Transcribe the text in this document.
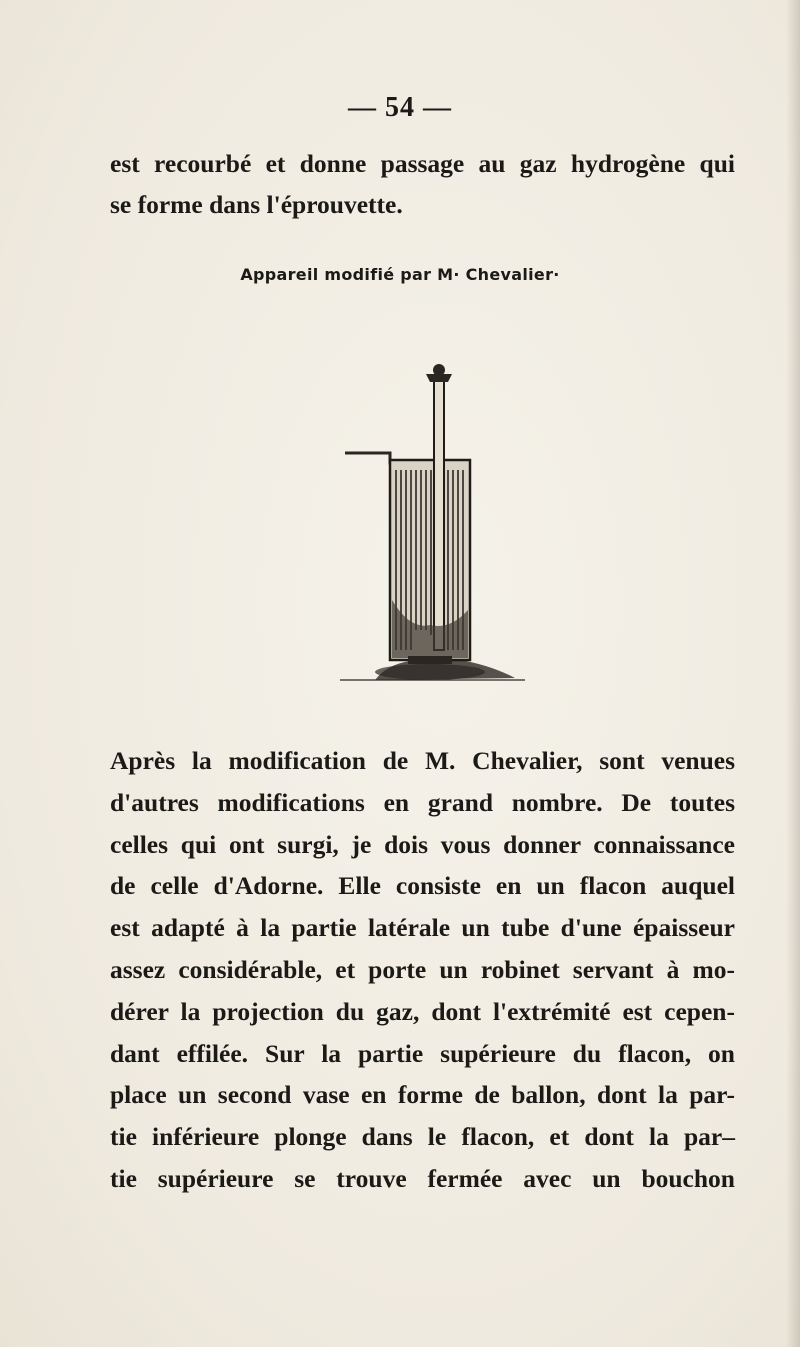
— 54 —
est recourbé et donne passage au gaz hydrogène qui
se forme dans l'éprouvette.
Appareil modifié par M· Chevalier·
Après la modification de M. Chevalier, sont venues
d'autres modifications en grand nombre. De toutes
celles qui ont surgi, je dois vous donner connaissance
de celle d'Adorne. Elle consiste en un flacon auquel
est adapté à la partie latérale un tube d'une épaisseur
assez considérable, et porte un robinet servant à mo-
dérer la projection du gaz, dont l'extrémité est cepen-
dant effilée. Sur la partie supérieure du flacon, on
place un second vase en forme de ballon, dont la par-
tie inférieure plonge dans le flacon, et dont la par–
tie supérieure se trouve fermée avec un bouchon
